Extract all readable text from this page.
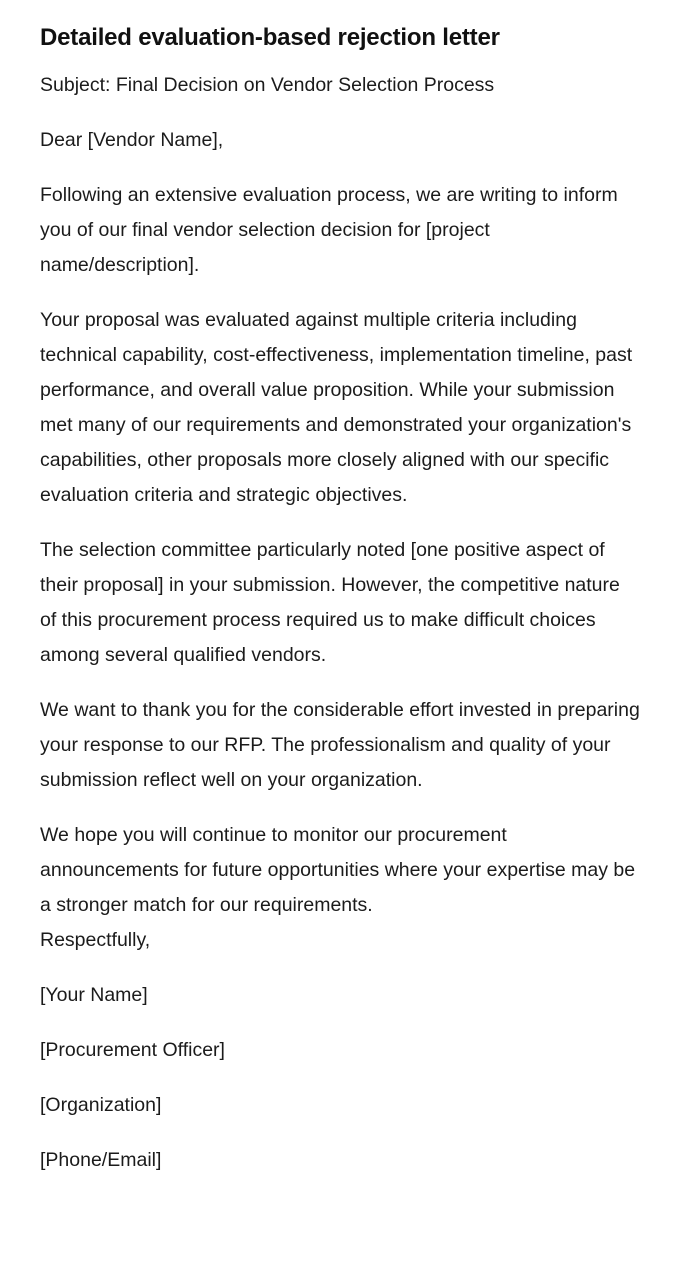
Detailed evaluation-based rejection letter

Subject: Final Decision on Vendor Selection Process

Dear [Vendor Name],

Following an extensive evaluation process, we are writing to inform you of our final vendor selection decision for [project name/description].

Your proposal was evaluated against multiple criteria including technical capability, cost-effectiveness, implementation timeline, past performance, and overall value proposition. While your submission met many of our requirements and demonstrated your organization's capabilities, other proposals more closely aligned with our specific evaluation criteria and strategic objectives.

The selection committee particularly noted [one positive aspect of their proposal] in your submission. However, the competitive nature of this procurement process required us to make difficult choices among several qualified vendors.

We want to thank you for the considerable effort invested in preparing your response to our RFP. The professionalism and quality of your submission reflect well on your organization.

We hope you will continue to monitor our procurement announcements for future opportunities where your expertise may be a stronger match for our requirements.

Respectfully,
[Your Name]
[Procurement Officer]
[Organization]
[Phone/Email]
